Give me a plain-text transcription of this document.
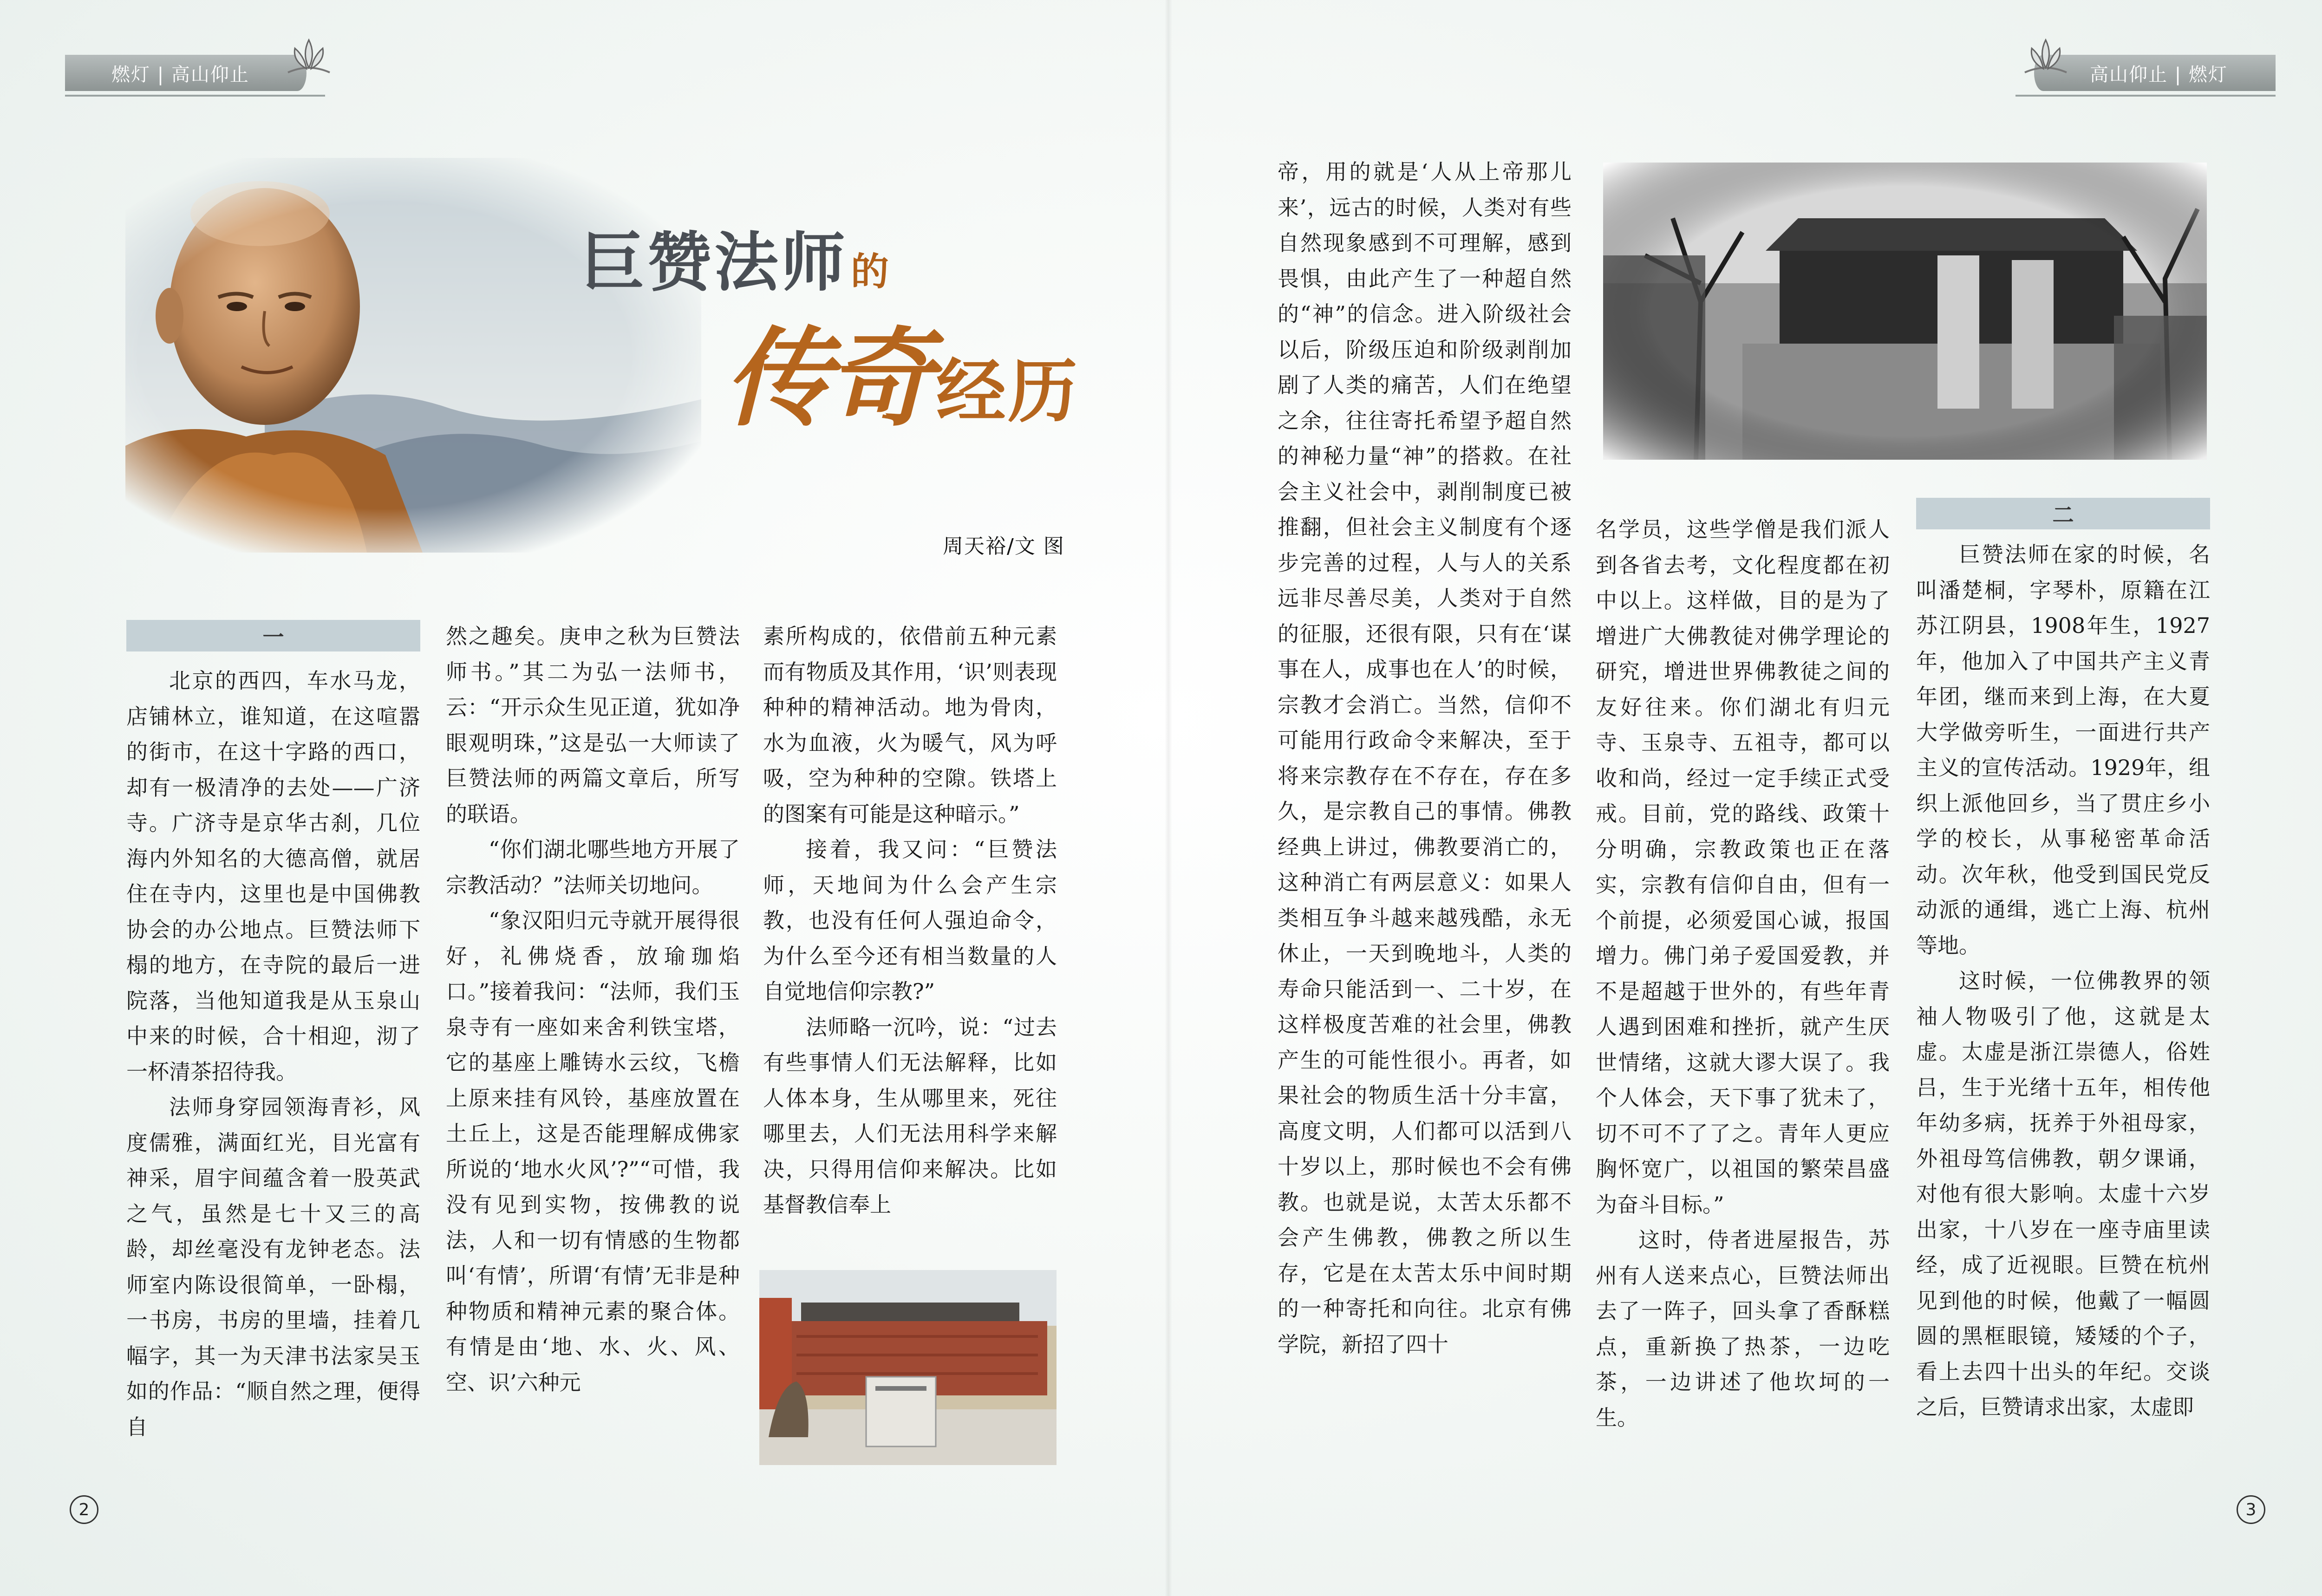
燃灯 | 高山仰止
巨赞法师的
传奇 经历
周天裕/文 图
一

北京的西四，车水马龙，店铺林立，谁知道，在这喧嚣的街市，在这十字路的西口，却有一极清净的去处——广济寺。广济寺是京华古刹，几位海内外知名的大德高僧，就居住在寺内，这里也是中国佛教协会的办公地点。巨赞法师下榻的地方，在寺院的最后一进院落，当他知道我是从玉泉山中来的时候，合十相迎，沏了一杯清茶招待我。

法师身穿园领海青衫，风度儒雅，满面红光，目光富有神采，眉宇间蕴含着一股英武之气，虽然是七十又三的高龄，却丝毫没有龙钟老态。法师室内陈设很简单，一卧榻，一书房，书房的里墙，挂着几幅字，其一为天津书法家吴玉如的作品：“顺自然之理，便得自

然之趣矣。庚申之秋为巨赞法师书。”其二为弘一法师书，云：“开示众生见正道，犹如净眼观明珠，”这是弘一大师读了巨赞法师的两篇文章后，所写的联语。

“你们湖北哪些地方开展了宗教活动？”法师关切地问。

“象汉阳归元寺就开展得很好，礼佛烧香，放瑜珈焰口。”接着我问：“法师，我们玉泉寺有一座如来舍利铁宝塔，它的基座上雕铸水云纹，飞檐上原来挂有风铃，基座放置在土丘上，这是否能理解成佛家所说的‘地水火风’?”“可惜，我没有见到实物，按佛教的说法，人和一切有情感的生物都叫‘有情’，所谓‘有情’无非是种种物质和精神元素的聚合体。有情是由‘地、水、火、风、空、识’六种元

素所构成的，依借前五种元素而有物质及其作用，‘识’则表现种种的精神活动。地为骨肉，水为血液，火为暖气，风为呼吸，空为种种的空隙。铁塔上的图案有可能是这种暗示。”

接着，我又问：“巨赞法师，天地间为什么会产生宗教，也没有任何人强迫命令，为什么至今还有相当数量的人自觉地信仰宗教?”

法师略一沉吟，说：“过去有些事情人们无法解释，比如人体本身，生从哪里来，死往哪里去，人们无法用科学来解决，只得用信仰来解决。比如基督教信奉上

2
高山仰止 | 燃灯

帝，用的就是‘人从上帝那儿来’，远古的时候，人类对有些自然现象感到不可理解，感到畏惧，由此产生了一种超自然的“神”的信念。进入阶级社会以后，阶级压迫和阶级剥削加剧了人类的痛苦，人们在绝望之余，往往寄托希望予超自然的神秘力量“神”的搭救。在社会主义社会中，剥削制度已被推翻，但社会主义制度有个逐步完善的过程，人与人的关系远非尽善尽美，人类对于自然的征服，还很有限，只有在‘谋事在人，成事也在人’的时候，宗教才会消亡。当然，信仰不可能用行政命令来解决，至于将来宗教存在不存在，存在多久，是宗教自己的事情。佛教经典上讲过，佛教要消亡的，这种消亡有两层意义：如果人类相互争斗越来越残酷，永无休止，一天到晚地斗，人类的寿命只能活到一、二十岁，在这样极度苦难的社会里，佛教产生的可能性很小。再者，如果社会的物质生活十分丰富，高度文明，人们都可以活到八十岁以上，那时候也不会有佛教。也就是说，太苦太乐都不会产生佛教，佛教之所以生存，它是在太苦太乐中间时期的一种寄托和向往。北京有佛学院，新招了四十

名学员，这些学僧是我们派人到各省去考，文化程度都在初中以上。这样做，目的是为了增进广大佛教徒对佛学理论的研究，增进世界佛教徒之间的友好往来。你们湖北有归元寺、玉泉寺、五祖寺，都可以收和尚，经过一定手续正式受戒。目前，党的路线、政策十分明确，宗教政策也正在落实，宗教有信仰自由，但有一个前提，必须爱国心诚，报国增力。佛门弟子爱国爱教，并不是超越于世外的，有些年青人遇到困难和挫折，就产生厌世情绪，这就大谬大误了。我个人体会，天下事了犹未了，切不可不了了之。青年人更应胸怀宽广，以祖国的繁荣昌盛为奋斗目标。”

这时，侍者进屋报告，苏州有人送来点心，巨赞法师出去了一阵子，回头拿了香酥糕点，重新换了热茶，一边吃茶，一边讲述了他坎坷的一生。

二

巨赞法师在家的时候，名叫潘楚桐，字琴朴，原籍在江苏江阴县，1908年生，1927年，他加入了中国共产主义青年团，继而来到上海，在大夏大学做旁听生，一面进行共产主义的宣传活动。1929年，组织上派他回乡，当了贯庄乡小学的校长，从事秘密革命活动。次年秋，他受到国民党反动派的通缉，逃亡上海、杭州等地。

这时候，一位佛教界的领袖人物吸引了他，这就是太虚。太虚是浙江崇德人，俗姓吕，生于光绪十五年，相传他年幼多病，抚养于外祖母家，外祖母笃信佛教，朝夕课诵，对他有很大影响。太虚十六岁出家，十八岁在一座寺庙里读经，成了近视眼。巨赞在杭州见到他的时候，他戴了一幅圆圆的黑框眼镜，矮矮的个子，看上去四十出头的年纪。交谈之后，巨赞请求出家，太虚即

3
